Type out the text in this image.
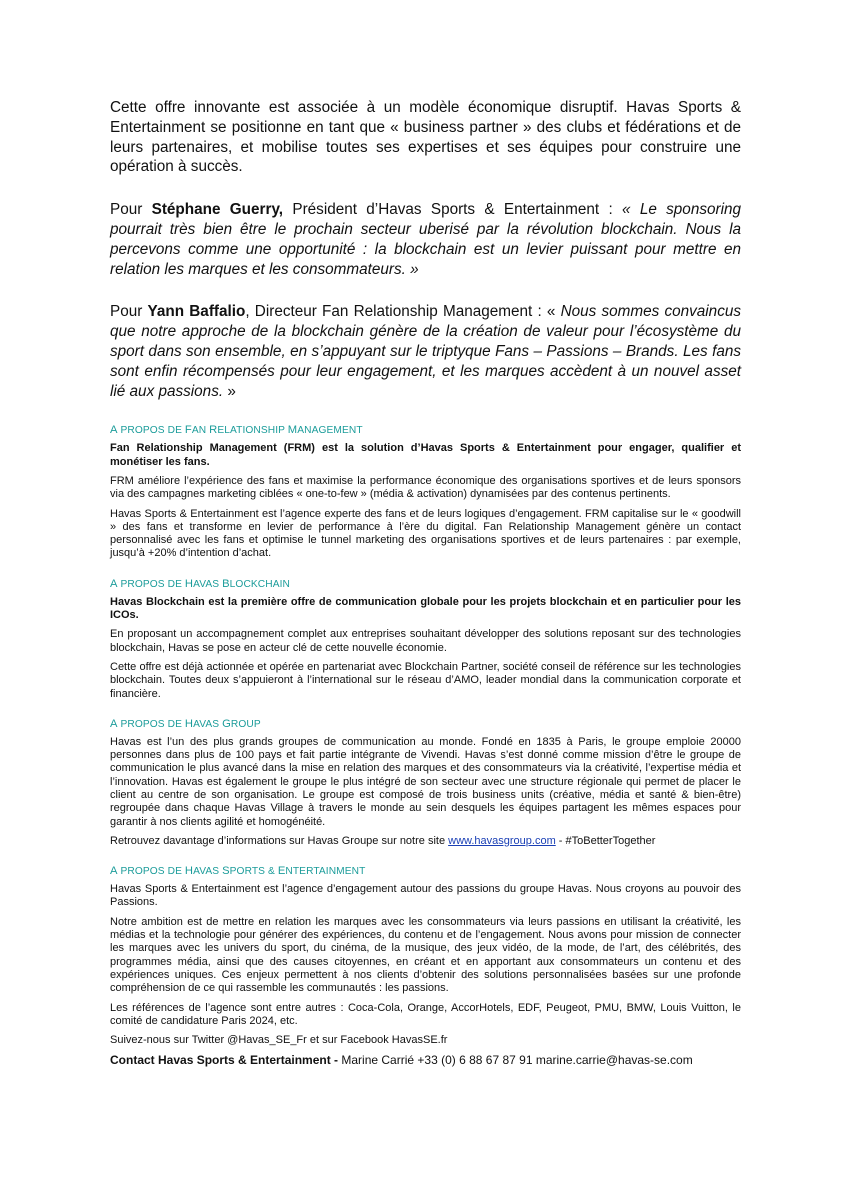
Cette offre innovante est associée à un modèle économique disruptif. Havas Sports & Entertainment se positionne en tant que « business partner » des clubs et fédérations et de leurs partenaires, et mobilise toutes ses expertises et ses équipes pour construire une opération à succès.

Pour Stéphane Guerry, Président d’Havas Sports & Entertainment : « Le sponsoring pourrait très bien être le prochain secteur uberisé par la révolution blockchain. Nous la percevons comme une opportunité : la blockchain est un levier puissant pour mettre en relation les marques et les consommateurs. »

Pour Yann Baffalio, Directeur Fan Relationship Management : « Nous sommes convaincus que notre approche de la blockchain génère de la création de valeur pour l’écosystème du sport dans son ensemble, en s’appuyant sur le triptyque Fans – Passions – Brands. Les fans sont enfin récompensés pour leur engagement, et les marques accèdent à un nouvel asset lié aux passions. »

A PROPOS DE FAN RELATIONSHIP MANAGEMENT

Fan Relationship Management (FRM) est la solution d’Havas Sports & Entertainment pour engager, qualifier et monétiser les fans.

FRM améliore l’expérience des fans et maximise la performance économique des organisations sportives et de leurs sponsors via des campagnes marketing ciblées « one-to-few » (média & activation) dynamisées par des contenus pertinents.

Havas Sports & Entertainment est l’agence experte des fans et de leurs logiques d’engagement. FRM capitalise sur le « goodwill » des fans et transforme en levier de performance à l’ère du digital. Fan Relationship Management génère un contact personnalisé avec les fans et optimise le tunnel marketing des organisations sportives et de leurs partenaires : par exemple, jusqu’à +20% d’intention d’achat.

A PROPOS DE HAVAS BLOCKCHAIN

Havas Blockchain est la première offre de communication globale pour les projets blockchain et en particulier pour les ICOs.

En proposant un accompagnement complet aux entreprises souhaitant développer des solutions reposant sur des technologies blockchain, Havas se pose en acteur clé de cette nouvelle économie.

Cette offre est déjà actionnée et opérée en partenariat avec Blockchain Partner, société conseil de référence sur les technologies blockchain. Toutes deux s’appuieront à l’international sur le réseau d’AMO, leader mondial dans la communication corporate et financière.

A PROPOS DE HAVAS GROUP

Havas est l’un des plus grands groupes de communication au monde. Fondé en 1835 à Paris, le groupe emploie 20000 personnes dans plus de 100 pays et fait partie intégrante de Vivendi. Havas s’est donné comme mission d’être le groupe de communication le plus avancé dans la mise en relation des marques et des consommateurs via la créativité, l’expertise média et l’innovation. Havas est également le groupe le plus intégré de son secteur avec une structure régionale qui permet de placer le client au centre de son organisation. Le groupe est composé de trois business units (créative, média et santé & bien-être) regroupée dans chaque Havas Village à travers le monde au sein desquels les équipes partagent les mêmes espaces pour garantir à nos clients agilité et homogénéité.

Retrouvez davantage d’informations sur Havas Groupe sur notre site www.havasgroup.com - #ToBetterTogether

A PROPOS DE HAVAS SPORTS & ENTERTAINMENT

Havas Sports & Entertainment est l’agence d’engagement autour des passions du groupe Havas. Nous croyons au pouvoir des Passions.

Notre ambition est de mettre en relation les marques avec les consommateurs via leurs passions en utilisant la créativité, les médias et la technologie pour générer des expériences, du contenu et de l’engagement. Nous avons pour mission de connecter les marques avec les univers du sport, du cinéma, de la musique, des jeux vidéo, de la mode, de l’art, des célébrités, des programmes média, ainsi que des causes citoyennes, en créant et en apportant aux consommateurs un contenu et des expériences uniques. Ces enjeux permettent à nos clients d’obtenir des solutions personnalisées basées sur une profonde compréhension de ce qui rassemble les communautés : les passions.

Les références de l’agence sont entre autres : Coca-Cola, Orange, AccorHotels, EDF, Peugeot, PMU, BMW, Louis Vuitton, le comité de candidature Paris 2024, etc.

Suivez-nous sur Twitter @Havas_SE_Fr et sur Facebook HavasSE.fr

Contact Havas Sports & Entertainment - Marine Carrié +33 (0) 6 88 67 87 91 marine.carrie@havas-se.com
